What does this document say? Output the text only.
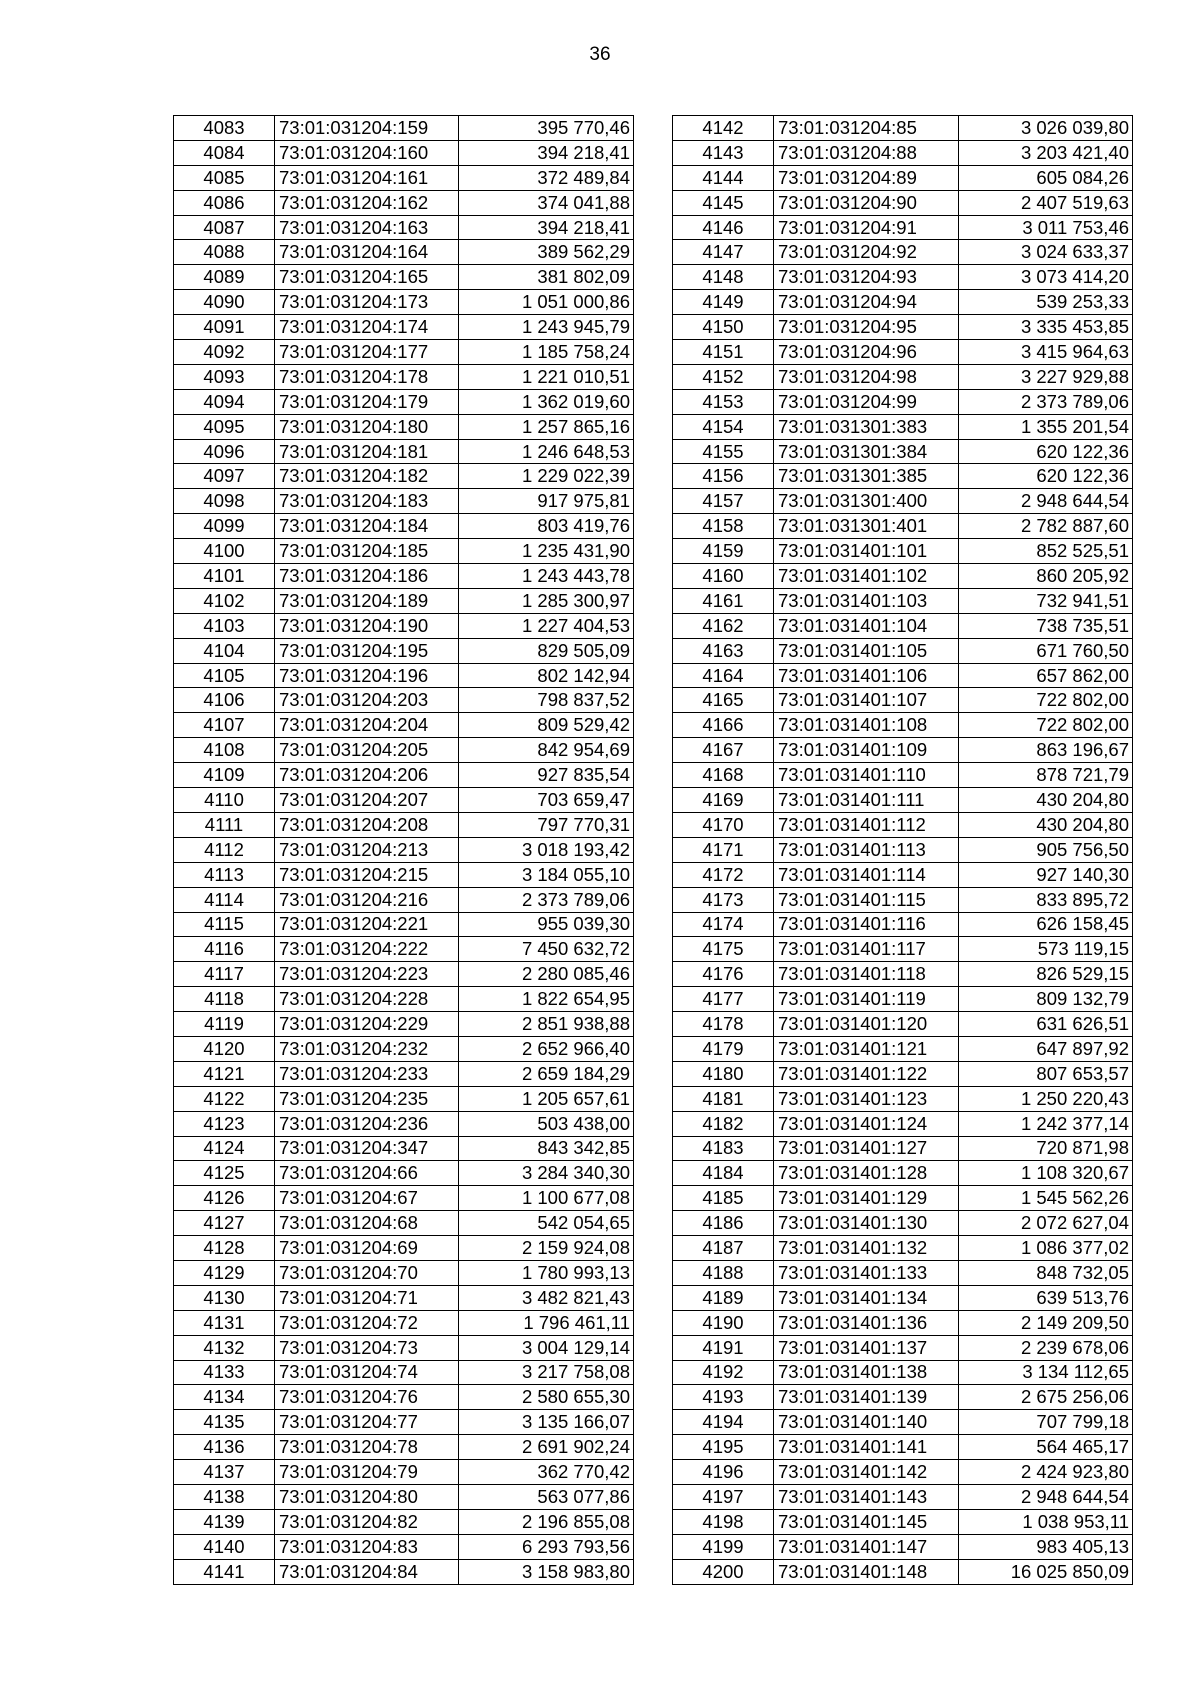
36
4083	73:01:031204:159	395 770,46
4084	73:01:031204:160	394 218,41
4085	73:01:031204:161	372 489,84
4086	73:01:031204:162	374 041,88
4087	73:01:031204:163	394 218,41
4088	73:01:031204:164	389 562,29
4089	73:01:031204:165	381 802,09
4090	73:01:031204:173	1 051 000,86
4091	73:01:031204:174	1 243 945,79
4092	73:01:031204:177	1 185 758,24
4093	73:01:031204:178	1 221 010,51
4094	73:01:031204:179	1 362 019,60
4095	73:01:031204:180	1 257 865,16
4096	73:01:031204:181	1 246 648,53
4097	73:01:031204:182	1 229 022,39
4098	73:01:031204:183	917 975,81
4099	73:01:031204:184	803 419,76
4100	73:01:031204:185	1 235 431,90
4101	73:01:031204:186	1 243 443,78
4102	73:01:031204:189	1 285 300,97
4103	73:01:031204:190	1 227 404,53
4104	73:01:031204:195	829 505,09
4105	73:01:031204:196	802 142,94
4106	73:01:031204:203	798 837,52
4107	73:01:031204:204	809 529,42
4108	73:01:031204:205	842 954,69
4109	73:01:031204:206	927 835,54
4110	73:01:031204:207	703 659,47
4111	73:01:031204:208	797 770,31
4112	73:01:031204:213	3 018 193,42
4113	73:01:031204:215	3 184 055,10
4114	73:01:031204:216	2 373 789,06
4115	73:01:031204:221	955 039,30
4116	73:01:031204:222	7 450 632,72
4117	73:01:031204:223	2 280 085,46
4118	73:01:031204:228	1 822 654,95
4119	73:01:031204:229	2 851 938,88
4120	73:01:031204:232	2 652 966,40
4121	73:01:031204:233	2 659 184,29
4122	73:01:031204:235	1 205 657,61
4123	73:01:031204:236	503 438,00
4124	73:01:031204:347	843 342,85
4125	73:01:031204:66	3 284 340,30
4126	73:01:031204:67	1 100 677,08
4127	73:01:031204:68	542 054,65
4128	73:01:031204:69	2 159 924,08
4129	73:01:031204:70	1 780 993,13
4130	73:01:031204:71	3 482 821,43
4131	73:01:031204:72	1 796 461,11
4132	73:01:031204:73	3 004 129,14
4133	73:01:031204:74	3 217 758,08
4134	73:01:031204:76	2 580 655,30
4135	73:01:031204:77	3 135 166,07
4136	73:01:031204:78	2 691 902,24
4137	73:01:031204:79	362 770,42
4138	73:01:031204:80	563 077,86
4139	73:01:031204:82	2 196 855,08
4140	73:01:031204:83	6 293 793,56
4141	73:01:031204:84	3 158 983,80
4142	73:01:031204:85	3 026 039,80
4143	73:01:031204:88	3 203 421,40
4144	73:01:031204:89	605 084,26
4145	73:01:031204:90	2 407 519,63
4146	73:01:031204:91	3 011 753,46
4147	73:01:031204:92	3 024 633,37
4148	73:01:031204:93	3 073 414,20
4149	73:01:031204:94	539 253,33
4150	73:01:031204:95	3 335 453,85
4151	73:01:031204:96	3 415 964,63
4152	73:01:031204:98	3 227 929,88
4153	73:01:031204:99	2 373 789,06
4154	73:01:031301:383	1 355 201,54
4155	73:01:031301:384	620 122,36
4156	73:01:031301:385	620 122,36
4157	73:01:031301:400	2 948 644,54
4158	73:01:031301:401	2 782 887,60
4159	73:01:031401:101	852 525,51
4160	73:01:031401:102	860 205,92
4161	73:01:031401:103	732 941,51
4162	73:01:031401:104	738 735,51
4163	73:01:031401:105	671 760,50
4164	73:01:031401:106	657 862,00
4165	73:01:031401:107	722 802,00
4166	73:01:031401:108	722 802,00
4167	73:01:031401:109	863 196,67
4168	73:01:031401:110	878 721,79
4169	73:01:031401:111	430 204,80
4170	73:01:031401:112	430 204,80
4171	73:01:031401:113	905 756,50
4172	73:01:031401:114	927 140,30
4173	73:01:031401:115	833 895,72
4174	73:01:031401:116	626 158,45
4175	73:01:031401:117	573 119,15
4176	73:01:031401:118	826 529,15
4177	73:01:031401:119	809 132,79
4178	73:01:031401:120	631 626,51
4179	73:01:031401:121	647 897,92
4180	73:01:031401:122	807 653,57
4181	73:01:031401:123	1 250 220,43
4182	73:01:031401:124	1 242 377,14
4183	73:01:031401:127	720 871,98
4184	73:01:031401:128	1 108 320,67
4185	73:01:031401:129	1 545 562,26
4186	73:01:031401:130	2 072 627,04
4187	73:01:031401:132	1 086 377,02
4188	73:01:031401:133	848 732,05
4189	73:01:031401:134	639 513,76
4190	73:01:031401:136	2 149 209,50
4191	73:01:031401:137	2 239 678,06
4192	73:01:031401:138	3 134 112,65
4193	73:01:031401:139	2 675 256,06
4194	73:01:031401:140	707 799,18
4195	73:01:031401:141	564 465,17
4196	73:01:031401:142	2 424 923,80
4197	73:01:031401:143	2 948 644,54
4198	73:01:031401:145	1 038 953,11
4199	73:01:031401:147	983 405,13
4200	73:01:031401:148	16 025 850,09
